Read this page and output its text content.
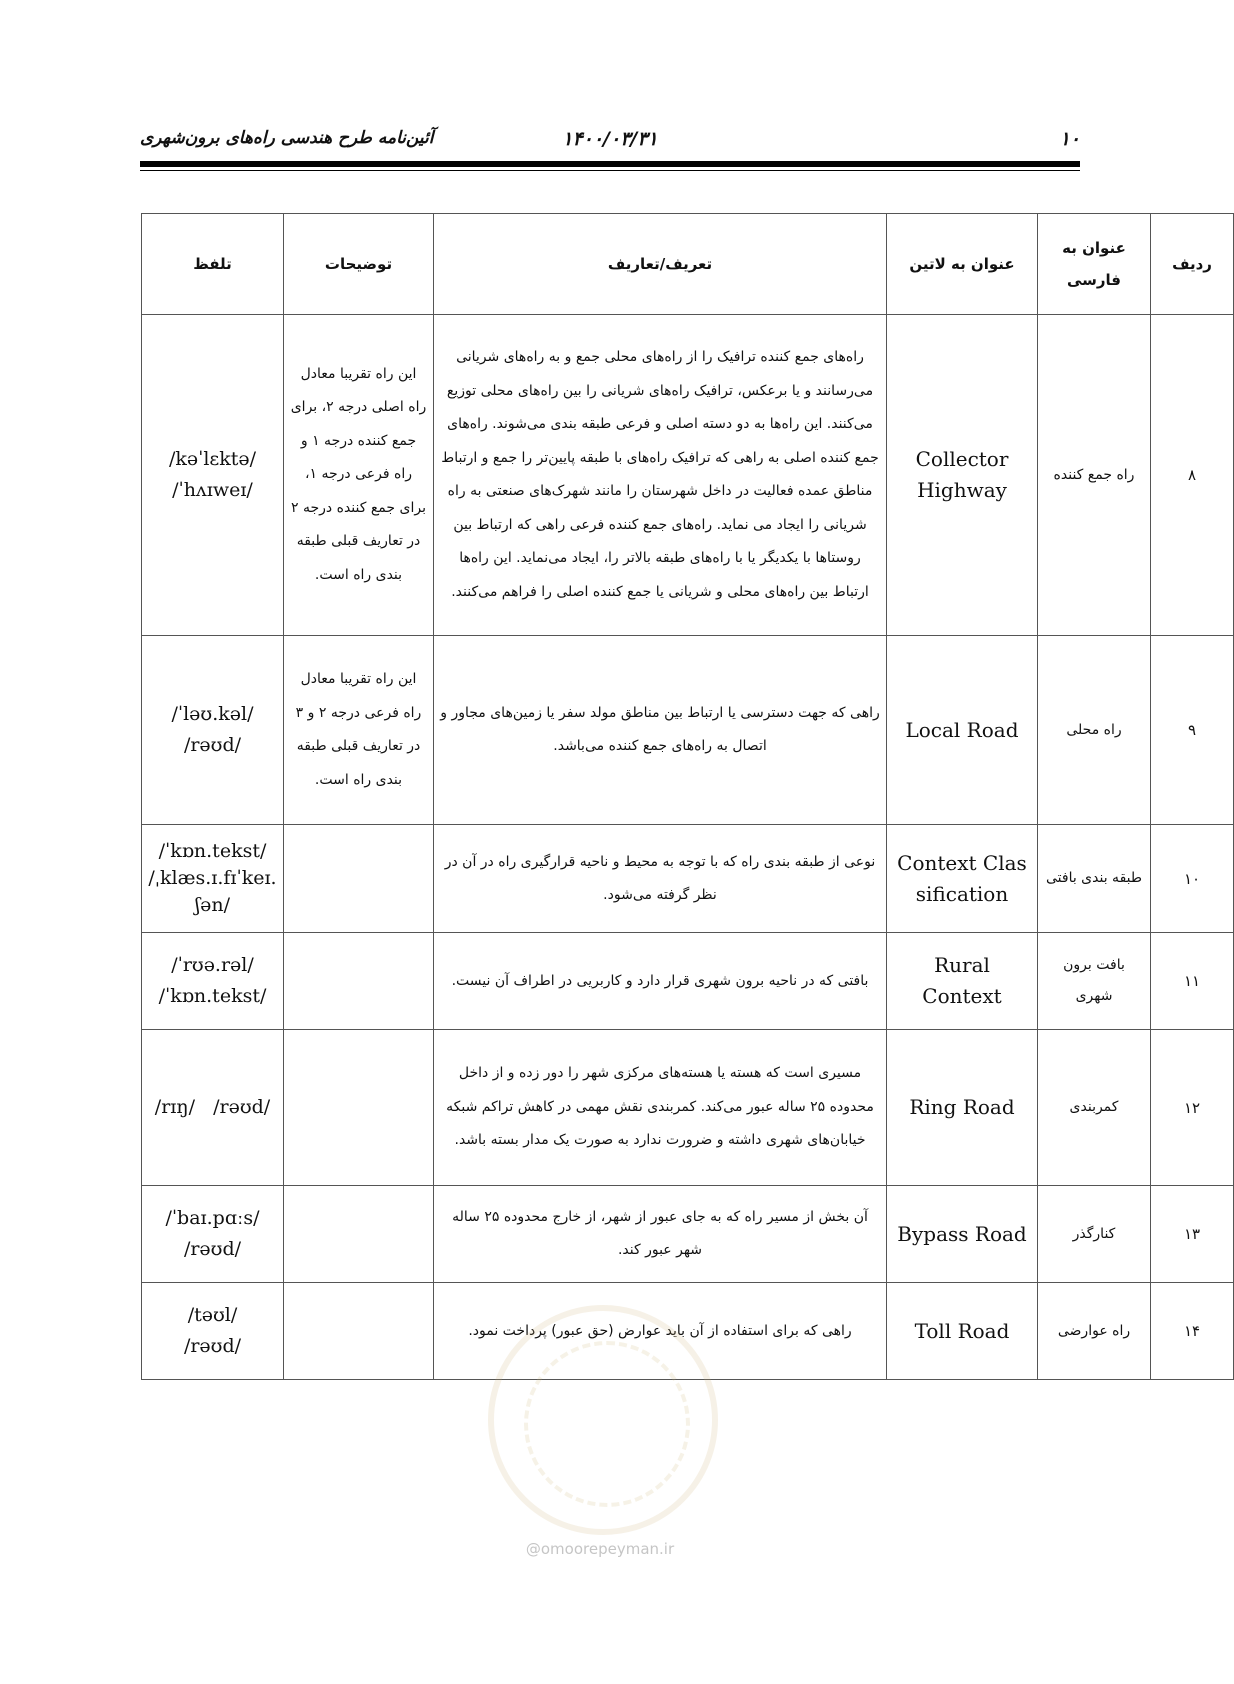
۱۰
۱۴۰۰/۰۳/۳۱
آئین‌نامه طرح هندسی راه‌های برون‌شهری
ردیف	عنوان به فارسی	عنوان به لاتین	تعریف/تعاریف	توضیحات	تلفظ
۸	راه جمع کننده	Collector Highway	راه‌های جمع کننده ترافیک را از راه‌های محلی جمع و به راه‌های شریانی می‌رسانند و یا برعکس، ترافیک راه‌های شریانی را بین راه‌های محلی توزیع می‌کنند. این راه‌ها به دو دسته اصلی و فرعی طبقه بندی می‌شوند. راه‌های جمع کننده اصلی به راهی که ترافیک راه‌های با طبقه پایین‌تر را جمع و ارتباط مناطق عمده فعالیت در داخل شهرستان را مانند شهرک‌های صنعتی به راه شریانی را ایجاد می نماید. راه‌های جمع کننده فرعی راهی که ارتباط بین روستاها با یکدیگر یا با راه‌های طبقه بالاتر را، ایجاد می‌نماید. این راه‌ها ارتباط بین راه‌های محلی و شریانی یا جمع کننده اصلی را فراهم می‌کنند.	این راه تقریبا معادل راه اصلی درجه ۲، برای جمع کننده درجه ۱ و راه فرعی درجه ۱، برای جمع کننده درجه ۲ در تعاریف قبلی طبقه بندی راه است.	/kəˈlɛktə/
/ˈhʌɪweɪ/
۹	راه محلی	Local Road	راهی که جهت دسترسی یا ارتباط بین مناطق مولد سفر یا زمین‌های مجاور و اتصال به راه‌های جمع کننده می‌باشد.	این راه تقریبا معادل راه فرعی درجه ۲ و ۳ در تعاریف قبلی طبقه بندی راه است.	/ˈləʊ.kəl/
/rəʊd/
۱۰	طبقه بندی بافتی	Context Classification	نوعی از طبقه بندی راه که با توجه به محیط و ناحیه قرارگیری راه در آن در نظر گرفته می‌شود.		/ˈkɒn.tekst/
/ˌklæs.ɪ.fɪˈkeɪ.ʃən/
۱۱	بافت برون شهری	Rural Context	بافتی که در ناحیه برون شهری قرار دارد و کاربریی در اطراف آن نیست.		/ˈrʊə.rəl/
/ˈkɒn.tekst/
۱۲	کمربندی	Ring Road	مسیری است که هسته یا هسته‌های مرکزی شهر را دور زده و از داخل محدوده ۲۵ ساله عبور می‌کند. کمربندی نقش مهمی در کاهش تراکم شبکه خیابان‌های شهری داشته و ضرورت ندارد به صورت یک مدار بسته باشد.		/rɪŋ/   /rəʊd/
۱۳	کنارگذر	Bypass Road	آن بخش از مسیر راه که به جای عبور از شهر، از خارج محدوده ۲۵ ساله شهر عبور کند.		/ˈbaɪ.pɑːs/
/rəʊd/
۱۴	راه عوارضی	Toll Road	راهی که برای استفاده از آن باید عوارض (حق عبور) پرداخت نمود.		/təʊl/
/rəʊd/
@omoorepeyman.ir
